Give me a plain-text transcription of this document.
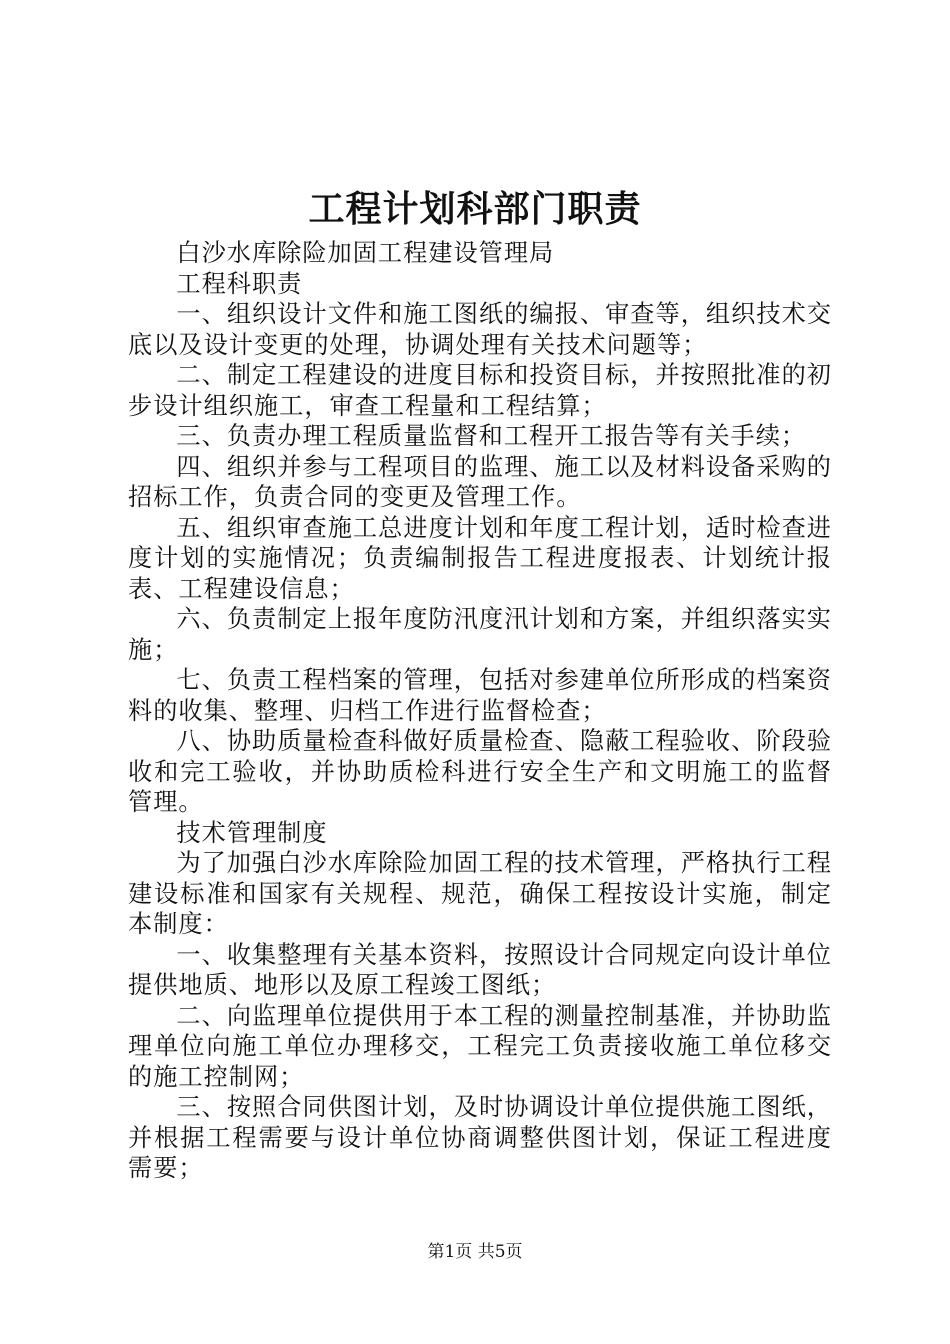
工程计划科部门职责

白沙水库除险加固工程建设管理局

工程科职责

一、组织设计文件和施工图纸的编报、审查等，组织技术交底以及设计变更的处理，协调处理有关技术问题等；

二、制定工程建设的进度目标和投资目标，并按照批准的初步设计组织施工，审查工程量和工程结算；

三、负责办理工程质量监督和工程开工报告等有关手续；

四、组织并参与工程项目的监理、施工以及材料设备采购的招标工作，负责合同的变更及管理工作。

五、组织审查施工总进度计划和年度工程计划，适时检查进度计划的实施情况；负责编制报告工程进度报表、计划统计报表、工程建设信息；

六、负责制定上报年度防汛度汛计划和方案，并组织落实实施；

七、负责工程档案的管理，包括对参建单位所形成的档案资料的收集、整理、归档工作进行监督检查；

八、协助质量检查科做好质量检查、隐蔽工程验收、阶段验收和完工验收，并协助质检科进行安全生产和文明施工的监督管理。

技术管理制度

为了加强白沙水库除险加固工程的技术管理，严格执行工程建设标准和国家有关规程、规范，确保工程按设计实施，制定本制度：

一、收集整理有关基本资料，按照设计合同规定向设计单位提供地质、地形以及原工程竣工图纸；

二、向监理单位提供用于本工程的测量控制基准，并协助监理单位向施工单位办理移交，工程完工负责接收施工单位移交的施工控制网；

三、按照合同供图计划，及时协调设计单位提供施工图纸，并根据工程需要与设计单位协商调整供图计划，保证工程进度需要；

第1页 共5页
